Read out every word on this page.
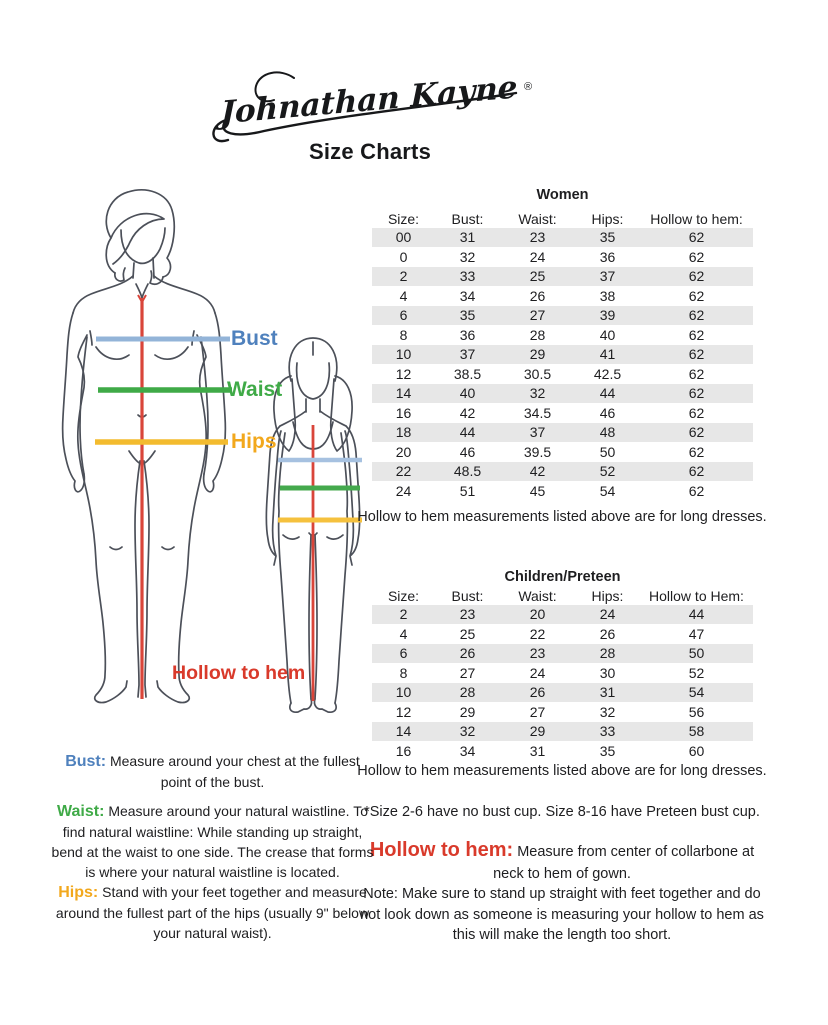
Johnathan Kayne ®
Size Charts
Bust
Waist
Hips
Hollow to hem
Women
Size:	Bust:	Waist:	Hips:	Hollow to hem:
00	31	23	35	62
0	32	24	36	62
2	33	25	37	62
4	34	26	38	62
6	35	27	39	62
8	36	28	40	62
10	37	29	41	62
12	38.5	30.5	42.5	62
14	40	32	44	62
16	42	34.5	46	62
18	44	37	48	62
20	46	39.5	50	62
22	48.5	42	52	62
24	51	45	54	62
Hollow to hem measurements listed above are for long dresses.
Children/Preteen
Size:	Bust:	Waist:	Hips:	Hollow to Hem:
2	23	20	24	44
4	25	22	26	47
6	26	23	28	50
8	27	24	30	52
10	28	26	31	54
12	29	27	32	56
14	32	29	33	58
16	34	31	35	60
Hollow to hem measurements listed above are for long dresses.
*Size 2-6 have no bust cup. Size 8-16 have Preteen bust cup.
Hollow to hem: Measure from center of collarbone at neck to hem of gown.
Note: Make sure to stand up straight with feet together and do not look down as someone is measuring your hollow to hem as this will make the length too short.

Bust: Measure around your chest at the fullest point of the bust.

Waist: Measure around your natural waistline. To find natural waistline: While standing up straight, bend at the waist to one side. The crease that forms is where your natural waistline is located.

Hips: Stand with your feet together and measure around the fullest part of the hips (usually 9" below your natural waist).
